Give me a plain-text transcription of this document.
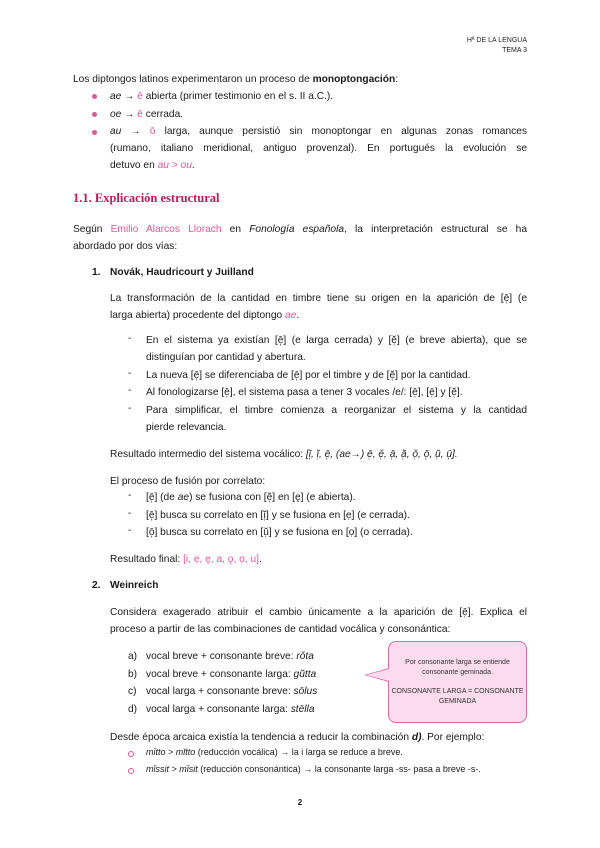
Hª DE LA LENGUA
TEMA 3
Los diptongos latinos experimentaron un proceso de monoptongación:
ae → ē abierta (primer testimonio en el s. II a.C.).
oe → ē cerrada.
au → ō larga, aunque persistió sin monoptongar en algunas zonas romances
(rumano, italiano meridional, antiguo provenzal). En portugués la evolución se
detuvo en au > ou.
1.1. Explicación estructural
Según Emilio Alarcos Llorach en Fonología española, la interpretación estructural se ha
abordado por dos vías:
1. Novák, Haudricourt y Juilland
La transformación de la cantidad en timbre tiene su origen en la aparición de [ē̜] (e
larga abierta) procedente del diptongo ae.
- En el sistema ya existían [ē̩] (e larga cerrada) y [ĕ̜] (e breve abierta), que se
distinguían por cantidad y abertura.
- La nueva [ē̜] se diferenciaba de [ē̩] por el timbre y de [ĕ̜] por la cantidad.
- Al fonologizarse [ē̜], el sistema pasa a tener 3 vocales /e/: [ē̩], [ē̜] y [ĕ̜].
- Para simplificar, el timbre comienza a reorganizar el sistema y la cantidad
pierde relevancia.
Resultado intermedio del sistema vocálico: [ī̩, ĭ̜, ē̩, (ae→) ē̜, ĕ̜, ā̜, ă̜, ŏ̜, ō̩, ŭ̜, ū̩].
El proceso de fusión por correlato:
- [ē̜] (de ae) se fusiona con [ĕ̜] en [ę] (e abierta).
- [ē̩] busca su correlato en [ĭ̜] y se fusiona en [ẹ] (e cerrada).
- [ō̩] busca su correlato en [ŭ̜] y se fusiona en [ọ] (o cerrada).
Resultado final: [i, ẹ, ę, a, ǫ, ọ, u].
2. Weinreich
Considera exagerado atribuir el cambio únicamente a la aparición de [ē̜]. Explica el
proceso a partir de las combinaciones de cantidad vocálica y consonántica:
a) vocal breve + consonante breve: rŏta
b) vocal breve + consonante larga: gŭtta
c) vocal larga + consonante breve: sōlus
d) vocal larga + consonante larga: stēlla
Por consonante larga se entiende
consonante geminada.
CONSONANTE LARGA = CONSONANTE
GEMINADA
Desde época arcaica existía la tendencia a reducir la combinación d). Por ejemplo:
mītto > mĭtto (reducción vocálica) → la i larga se reduce a breve.
mīssit > mīsit (reducción consonántica) → la consonante larga -ss- pasa a breve -s-.
2
